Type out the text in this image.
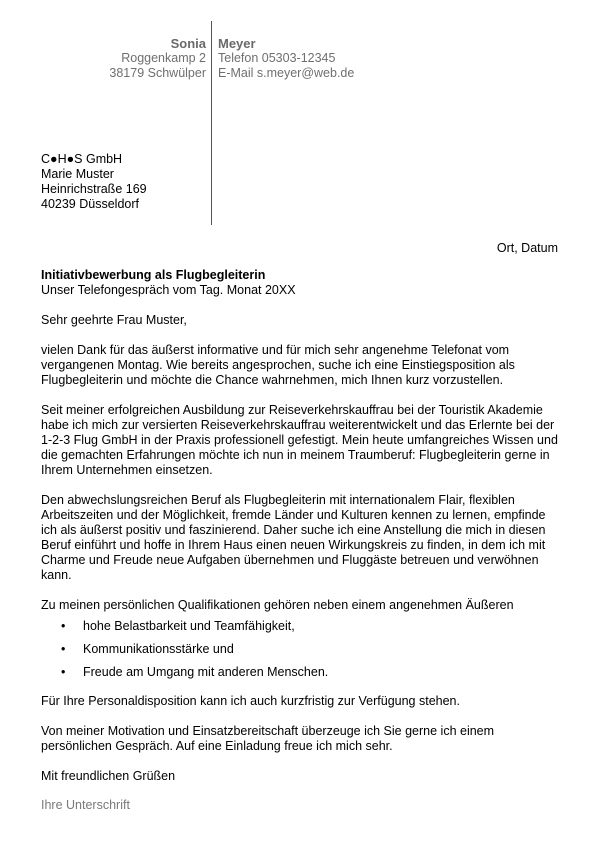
Sonia
Roggenkamp 2
38179 Schwülper
Meyer
Telefon 05303-12345
E-Mail s.meyer@web.de
C●H●S GmbH
Marie Muster
Heinrichstraße 169
40239 Düsseldorf
Ort, Datum
Initiativbewerbung als Flugbegleiterin
Unser Telefongespräch vom Tag. Monat 20XX
Sehr geehrte Frau Muster,
vielen Dank für das äußerst informative und für mich sehr angenehme Telefonat vom vergangenen Montag. Wie bereits angesprochen, suche ich eine Einstiegsposition als Flugbegleiterin und möchte die Chance wahrnehmen, mich Ihnen kurz vorzustellen.
Seit meiner erfolgreichen Ausbildung zur Reiseverkehrskauffrau bei der Touristik Akademie habe ich mich zur versierten Reiseverkehrskauffrau weiterentwickelt und das Erlernte bei der 1-2-3 Flug GmbH in der Praxis professionell gefestigt. Mein heute umfangreiches Wissen und die gemachten Erfahrungen möchte ich nun in meinem Traumberuf: Flugbegleiterin gerne in Ihrem Unternehmen einsetzen.
Den abwechslungsreichen Beruf als Flugbegleiterin mit internationalem Flair, flexiblen Arbeitszeiten und der Möglichkeit, fremde Länder und Kulturen kennen zu lernen, empfinde ich als äußerst positiv und faszinierend. Daher suche ich eine Anstellung die mich in diesen Beruf einführt und hoffe in Ihrem Haus einen neuen Wirkungskreis zu finden, in dem ich mit Charme und Freude neue Aufgaben übernehmen und Fluggäste betreuen und verwöhnen kann.
Zu meinen persönlichen Qualifikationen gehören neben einem angenehmen Äußeren
• hohe Belastbarkeit und Teamfähigkeit,
• Kommunikationsstärke und
• Freude am Umgang mit anderen Menschen.
Für Ihre Personaldisposition kann ich auch kurzfristig zur Verfügung stehen.
Von meiner Motivation und Einsatzbereitschaft überzeuge ich Sie gerne ich einem persönlichen Gespräch. Auf eine Einladung freue ich mich sehr.
Mit freundlichen Grüßen
Ihre Unterschrift
